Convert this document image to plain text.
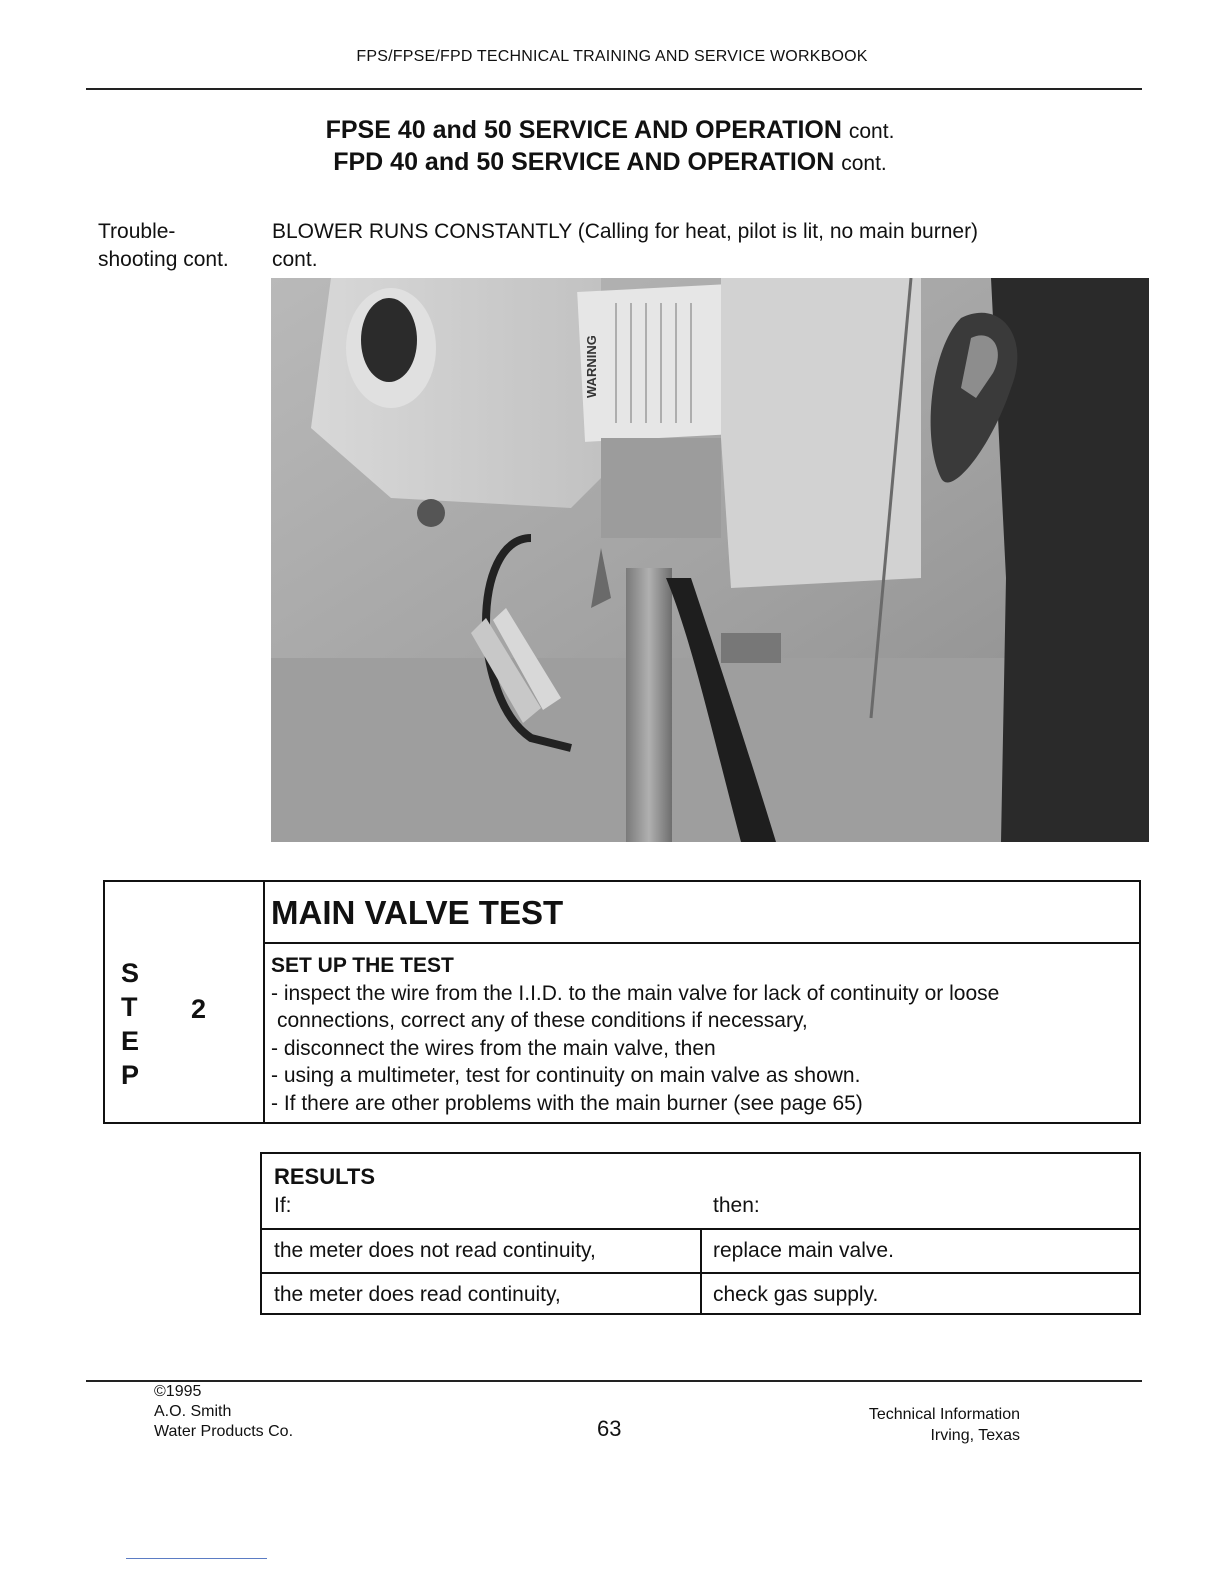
FPS/FPSE/FPD TECHNICAL TRAINING AND SERVICE WORKBOOK
FPSE 40 and 50 SERVICE AND OPERATION cont.
FPD 40 and 50 SERVICE AND OPERATION cont.
Trouble-
shooting cont.
BLOWER RUNS CONSTANTLY (Calling for heat, pilot is lit, no main burner)
cont.
WARNING
S
T
E
P
2
MAIN VALVE TEST
SET UP THE TEST
- inspect the wire from the I.I.D. to the main valve for lack of continuity or loose
connections, correct any of these conditions if necessary,
- disconnect the wires from the main valve, then
- using a multimeter, test for continuity on main valve as shown.
- If there are other problems with the main burner (see page 65)
RESULTS
If:	then:
the meter does not read continuity,	replace main valve.
the meter does read continuity,	check gas supply.
©1995
A.O. Smith
Water Products Co.	63
Technical Information
Irving, Texas
